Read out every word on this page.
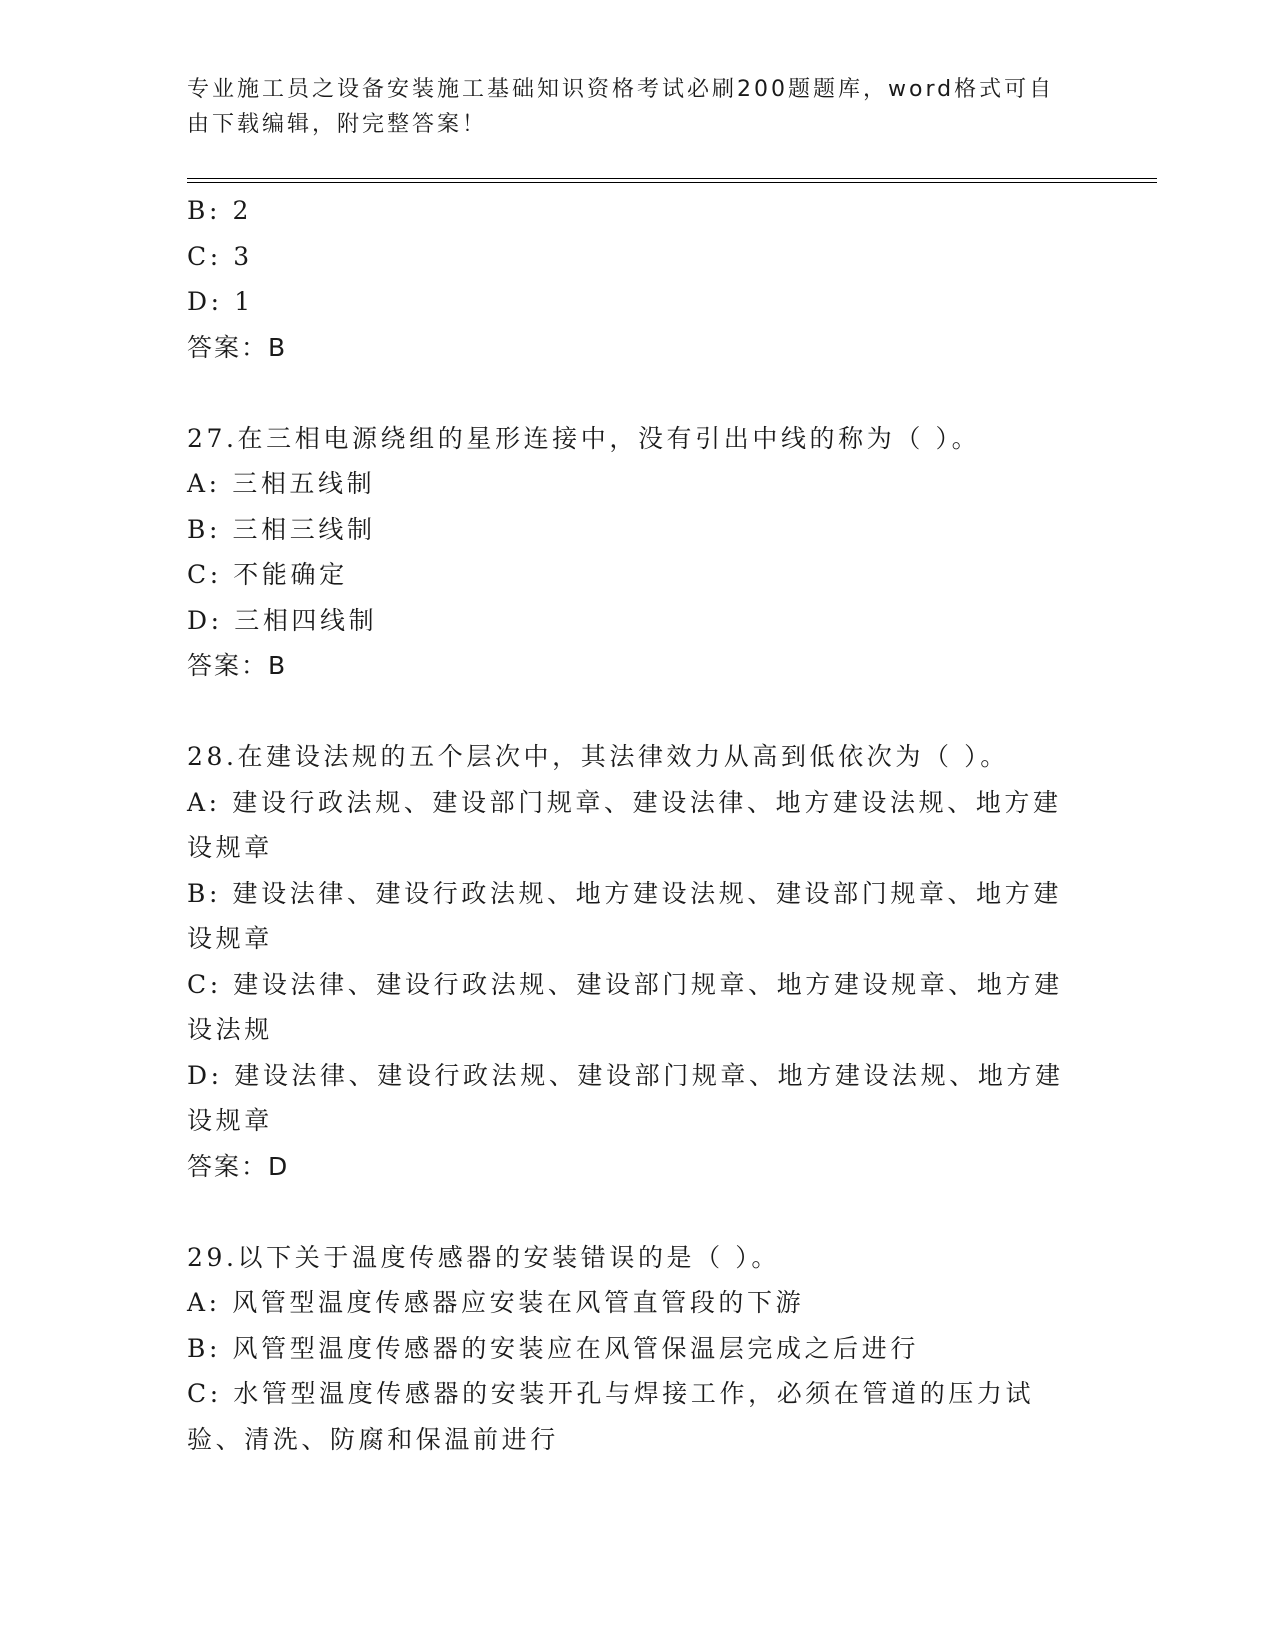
专业施工员之设备安装施工基础知识资格考试必刷200题题库，word格式可自由下载编辑，附完整答案！
B: 2
C: 3
D: 1
答案：B
27.在三相电源绕组的星形连接中，没有引出中线的称为（ ）。
A: 三相五线制
B: 三相三线制
C: 不能确定
D: 三相四线制
答案：B
28.在建设法规的五个层次中，其法律效力从高到低依次为（ ）。
A: 建设行政法规、建设部门规章、建设法律、地方建设法规、地方建设规章
B: 建设法律、建设行政法规、地方建设法规、建设部门规章、地方建设规章
C: 建设法律、建设行政法规、建设部门规章、地方建设规章、地方建设法规
D: 建设法律、建设行政法规、建设部门规章、地方建设法规、地方建设规章
答案：D
29.以下关于温度传感器的安装错误的是（ ）。
A: 风管型温度传感器应安装在风管直管段的下游
B: 风管型温度传感器的安装应在风管保温层完成之后进行
C: 水管型温度传感器的安装开孔与焊接工作，必须在管道的压力试验、清洗、防腐和保温前进行
